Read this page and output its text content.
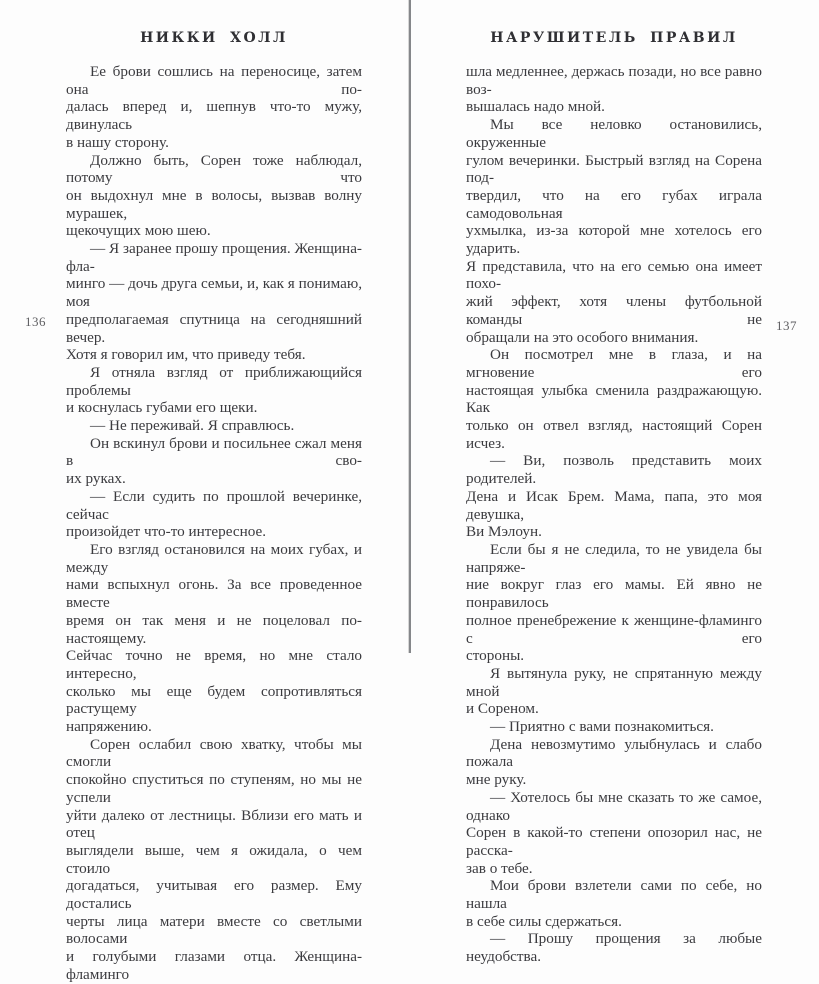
НИККИ ХОЛЛ
Ее брови сошлись на переносице, затем она по-
далась вперед и, шепнув что-то мужу, двинулась
в нашу сторону.
Должно быть, Сорен тоже наблюдал, потому что
он выдохнул мне в волосы, вызвав волну мурашек,
щекочущих мою шею.
— Я заранее прошу прощения. Женщина-фла-
минго — дочь друга семьи, и, как я понимаю, моя
предполагаемая спутница на сегодняшний вечер.
Хотя я говорил им, что приведу тебя.
Я отняла взгляд от приближающийся проблемы
и коснулась губами его щеки.
— Не переживай. Я справлюсь.
Он вскинул брови и посильнее сжал меня в сво-
их руках.
— Если судить по прошлой вечеринке, сейчас
произойдет что-то интересное.
Его взгляд остановился на моих губах, и между
нами вспыхнул огонь. За все проведенное вместе
время он так меня и не поцеловал по-настоящему.
Сейчас точно не время, но мне стало интересно,
сколько мы еще будем сопротивляться растущему
напряжению.
Сорен ослабил свою хватку, чтобы мы смогли
спокойно спуститься по ступеням, но мы не успели
уйти далеко от лестницы. Вблизи его мать и отец
выглядели выше, чем я ожидала, о чем стоило
догадаться, учитывая его размер. Ему достались
черты лица матери вместе со светлыми волосами
и голубыми глазами отца. Женщина-фламинго
НАРУШИТЕЛЬ ПРАВИЛ
шла медленнее, держась позади, но все равно воз-
вышалась надо мной.
Мы все неловко остановились, окруженные
гулом вечеринки. Быстрый взгляд на Сорена под-
твердил, что на его губах играла самодовольная
ухмылка, из-за которой мне хотелось его ударить.
Я представила, что на его семью она имеет похо-
жий эффект, хотя члены футбольной команды не
обращали на это особого внимания.
Он посмотрел мне в глаза, и на мгновение его
настоящая улыбка сменила раздражающую. Как
только он отвел взгляд, настоящий Сорен исчез.
— Ви, позволь представить моих родителей.
Дена и Исак Брем. Мама, папа, это моя девушка,
Ви Мэлоун.
Если бы я не следила, то не увидела бы напряже-
ние вокруг глаз его мамы. Ей явно не понравилось
полное пренебрежение к женщине-фламинго с его
стороны.
Я вытянула руку, не спрятанную между мной
и Сореном.
— Приятно с вами познакомиться.
Дена невозмутимо улыбнулась и слабо пожала
мне руку.
— Хотелось бы мне сказать то же самое, однако
Сорен в какой-то степени опозорил нас, не расска-
зав о тебе.
Мои брови взлетели сами по себе, но нашла
в себе силы сдержаться.
— Прошу прощения за любые неудобства.
136	137
